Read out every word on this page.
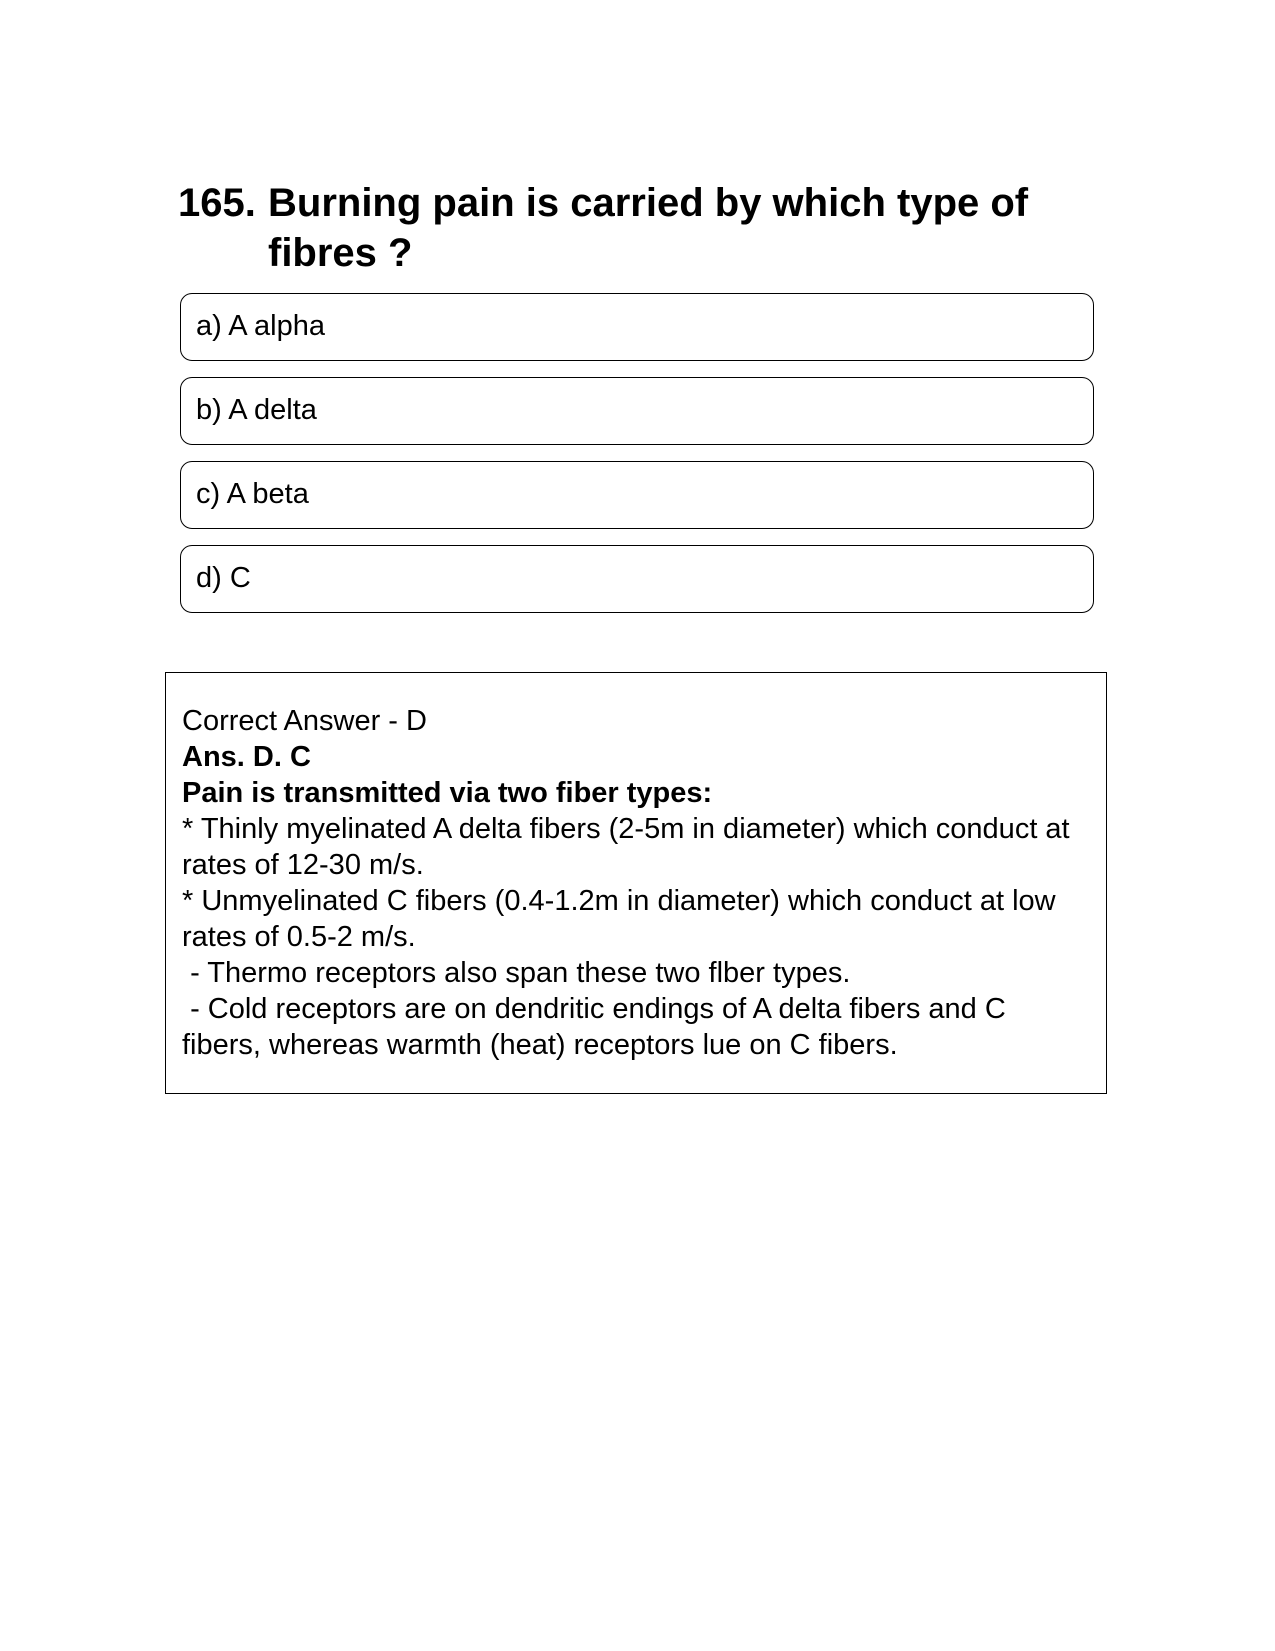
165. Burning pain is carried by which type of fibres ?
a) A alpha
b) A delta
c) A beta
d) C

Correct Answer - D

Ans. D. C

Pain is transmitted via two fiber types:

* Thinly myelinated A delta fibers (2-5m in diameter) which conduct at rates of 12-30 m/s.

* Unmyelinated C fibers (0.4-1.2m in diameter) which conduct at low rates of 0.5-2 m/s.

- Thermo receptors also span these two flber types.

- Cold receptors are on dendritic endings of A delta fibers and C fibers, whereas warmth (heat) receptors lue on C fibers.
